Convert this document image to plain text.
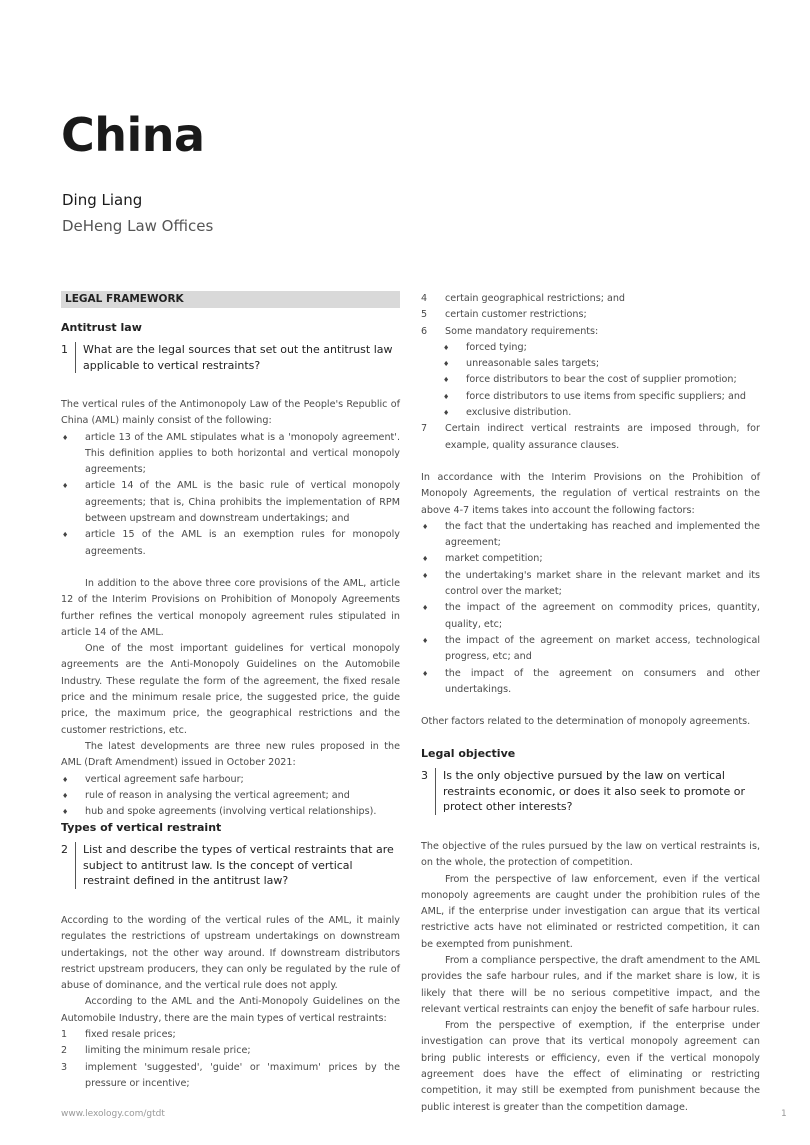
China
Ding Liang
DeHeng Law Offices
LEGAL FRAMEWORK
Antitrust law
1	What are the legal sources that set out the antitrust law applicable to vertical restraints?

The vertical rules of the Antimonopoly Law of the People's Republic of China (AML) mainly consist of the following:

♦ article 13 of the AML stipulates what is a 'monopoly agreement'. This definition applies to both horizontal and vertical monopoly agreements;
♦ article 14 of the AML is the basic rule of vertical monopoly agreements; that is, China prohibits the implementation of RPM between upstream and downstream undertakings; and
♦ article 15 of the AML is an exemption rules for monopoly agreements.

In addition to the above three core provisions of the AML, article 12 of the Interim Provisions on Prohibition of Monopoly Agreements further refines the vertical monopoly agreement rules stipulated in article 14 of the AML.

One of the most important guidelines for vertical monopoly agreements are the Anti-Monopoly Guidelines on the Automobile Industry. These regulate the form of the agreement, the fixed resale price and the minimum resale price, the suggested price, the guide price, the maximum price, the geographical restrictions and the customer restrictions, etc.

The latest developments are three new rules proposed in the AML (Draft Amendment) issued in October 2021:

♦ vertical agreement safe harbour;
♦ rule of reason in analysing the vertical agreement; and
♦ hub and spoke agreements (involving vertical relationships).
Types of vertical restraint
2	List and describe the types of vertical restraints that are subject to antitrust law. Is the concept of vertical restraint defined in the antitrust law?

According to the wording of the vertical rules of the AML, it mainly regulates the restrictions of upstream undertakings on downstream undertakings, not the other way around. If downstream distributors restrict upstream producers, they can only be regulated by the rule of abuse of dominance, and the vertical rule does not apply.

According to the AML and the Anti-Monopoly Guidelines on the Automobile Industry, there are the main types of vertical restraints:

1 fixed resale prices;
2 limiting the minimum resale price;
3 implement 'suggested', 'guide' or 'maximum' prices by the pressure or incentive;
4 certain geographical restrictions; and
5 certain customer restrictions;
6 Some mandatory requirements:
♦ forced tying;
♦ unreasonable sales targets;
♦ force distributors to bear the cost of supplier promotion;
♦ force distributors to use items from specific suppliers; and
♦ exclusive distribution.
7 Certain indirect vertical restraints are imposed through, for example, quality assurance clauses.

In accordance with the Interim Provisions on the Prohibition of Monopoly Agreements, the regulation of vertical restraints on the above 4-7 items takes into account the following factors:

♦ the fact that the undertaking has reached and implemented the agreement;
♦ market competition;
♦ the undertaking's market share in the relevant market and its control over the market;
♦ the impact of the agreement on commodity prices, quantity, quality, etc;
♦ the impact of the agreement on market access, technological progress, etc; and
♦ the impact of the agreement on consumers and other undertakings.

Other factors related to the determination of monopoly agreements.

Legal objective
3	Is the only objective pursued by the law on vertical restraints economic, or does it also seek to promote or protect other interests?

The objective of the rules pursued by the law on vertical restraints is, on the whole, the protection of competition.

From the perspective of law enforcement, even if the vertical monopoly agreements are caught under the prohibition rules of the AML, if the enterprise under investigation can argue that its vertical restrictive acts have not eliminated or restricted competition, it can be exempted from punishment.

From a compliance perspective, the draft amendment to the AML provides the safe harbour rules, and if the market share is low, it is likely that there will be no serious competitive impact, and the relevant vertical restraints can enjoy the benefit of safe harbour rules.

From the perspective of exemption, if the enterprise under investigation can prove that its vertical monopoly agreement can bring public interests or efficiency, even if the vertical monopoly agreement does have the effect of eliminating or restricting competition, it may still be exempted from punishment because the public interest is greater than the competition damage.

www.lexology.com/gtdt	1
